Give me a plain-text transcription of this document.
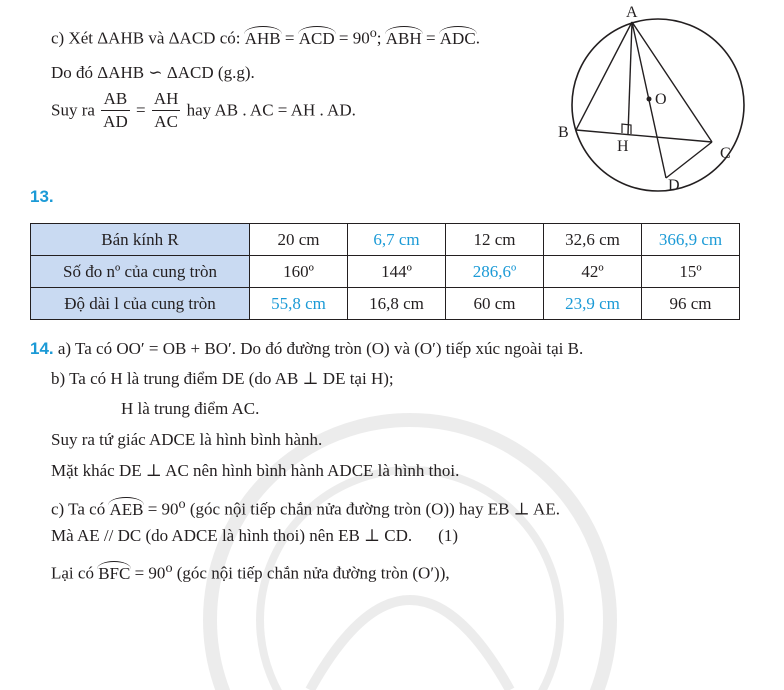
c) Xét ΔAHB và ΔACD có: AHB = ACD = $90^o$; ABH = ADC.
Do đó ΔAHB ∽ ΔACD (g.g).
Suy ra $\frac{AB}{AD} = \frac{AH}{AC}$ hay AB . AC = AH . AD.
A
O
B
H	C
D
13.
Bán kính R	20 cm	6,7 cm	12 cm	32,6 cm	366,9 cm
Số đo nº của cung tròn	160º	144º	286,6º	42º	15º
Độ dài l của cung tròn	55,8 cm	16,8 cm	60 cm	23,9 cm	96 cm
14. a) Ta có OO′ = OB + BO′. Do đó đường tròn (O) và (O′) tiếp xúc ngoài tại B.
b) Ta có H là trung điểm DE (do AB ⊥ DE tại H);
H là trung điểm AC.
Suy ra tứ giác ADCE là hình bình hành.
Mặt khác DE ⊥ AC nên hình bình hành ADCE là hình thoi.
c) Ta có AEB = $90^o$ (góc nội tiếp chắn nửa đường tròn (O)) hay EB ⊥ AE.
Mà AE // DC (do ADCE là hình thoi) nên EB ⊥ CD. (1)
Lại có BFC = $90^o$ (góc nội tiếp chắn nửa đường tròn (O′)),
